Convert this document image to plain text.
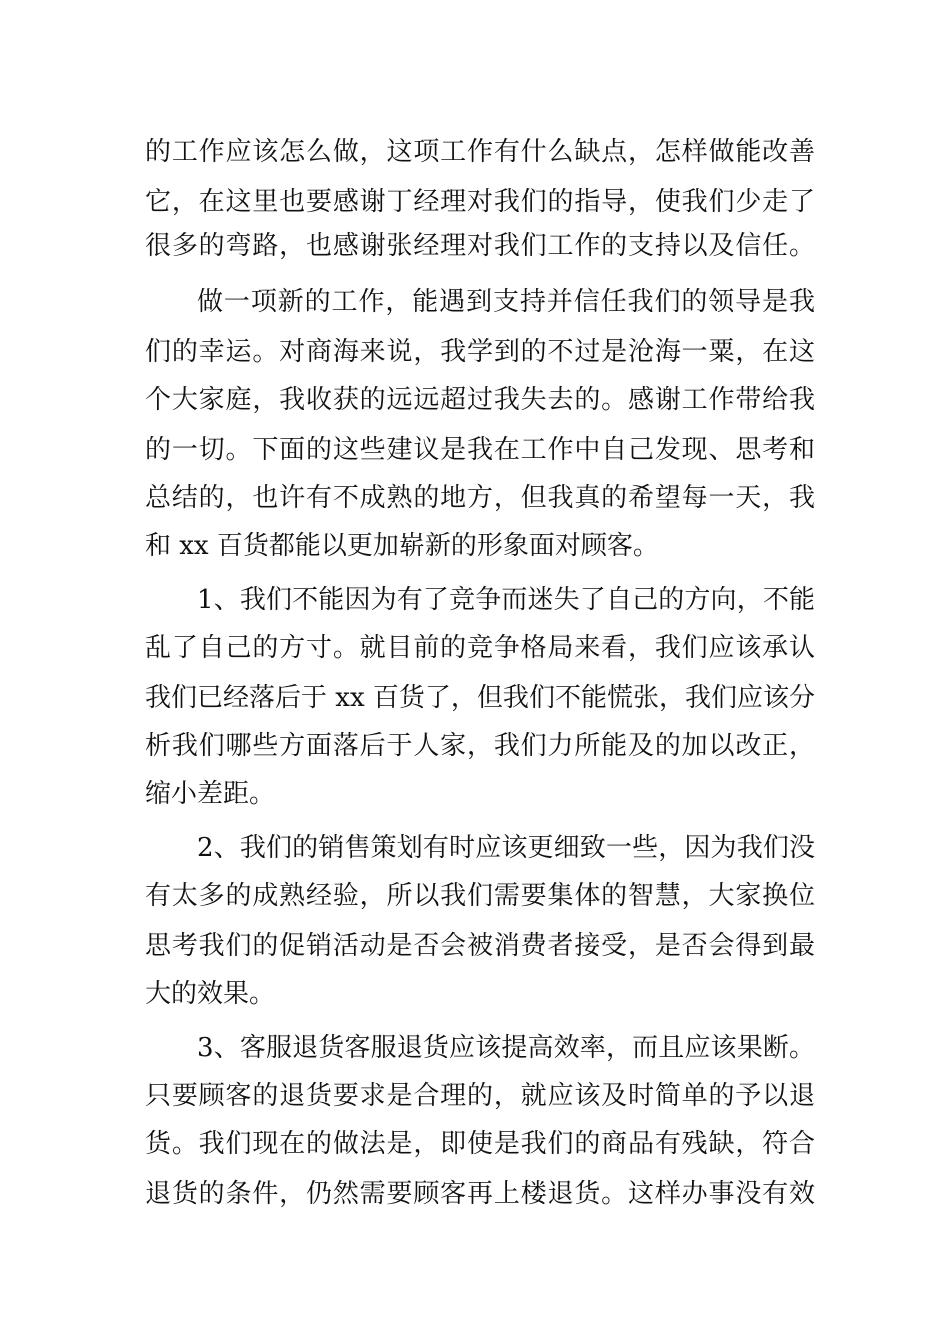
的工作应该怎么做，这项工作有什么缺点，怎样做能改善
它，在这里也要感谢丁经理对我们的指导，使我们少走了
很多的弯路，也感谢张经理对我们工作的支持以及信任。
做一项新的工作，能遇到支持并信任我们的领导是我
们的幸运。对商海来说，我学到的不过是沧海一粟，在这
个大家庭，我收获的远远超过我失去的。感谢工作带给我
的一切。下面的这些建议是我在工作中自己发现、思考和
总结的，也许有不成熟的地方，但我真的希望每一天，我
和 xx 百货都能以更加崭新的形象面对顾客。
1、我们不能因为有了竞争而迷失了自己的方向，不能
乱了自己的方寸。就目前的竞争格局来看，我们应该承认
我们已经落后于 xx 百货了，但我们不能慌张，我们应该分
析我们哪些方面落后于人家，我们力所能及的加以改正，
缩小差距。
2、我们的销售策划有时应该更细致一些，因为我们没
有太多的成熟经验，所以我们需要集体的智慧，大家换位
思考我们的促销活动是否会被消费者接受，是否会得到最
大的效果。
3、客服退货客服退货应该提高效率，而且应该果断。
只要顾客的退货要求是合理的，就应该及时简单的予以退
货。我们现在的做法是，即使是我们的商品有残缺，符合
退货的条件，仍然需要顾客再上楼退货。这样办事没有效
